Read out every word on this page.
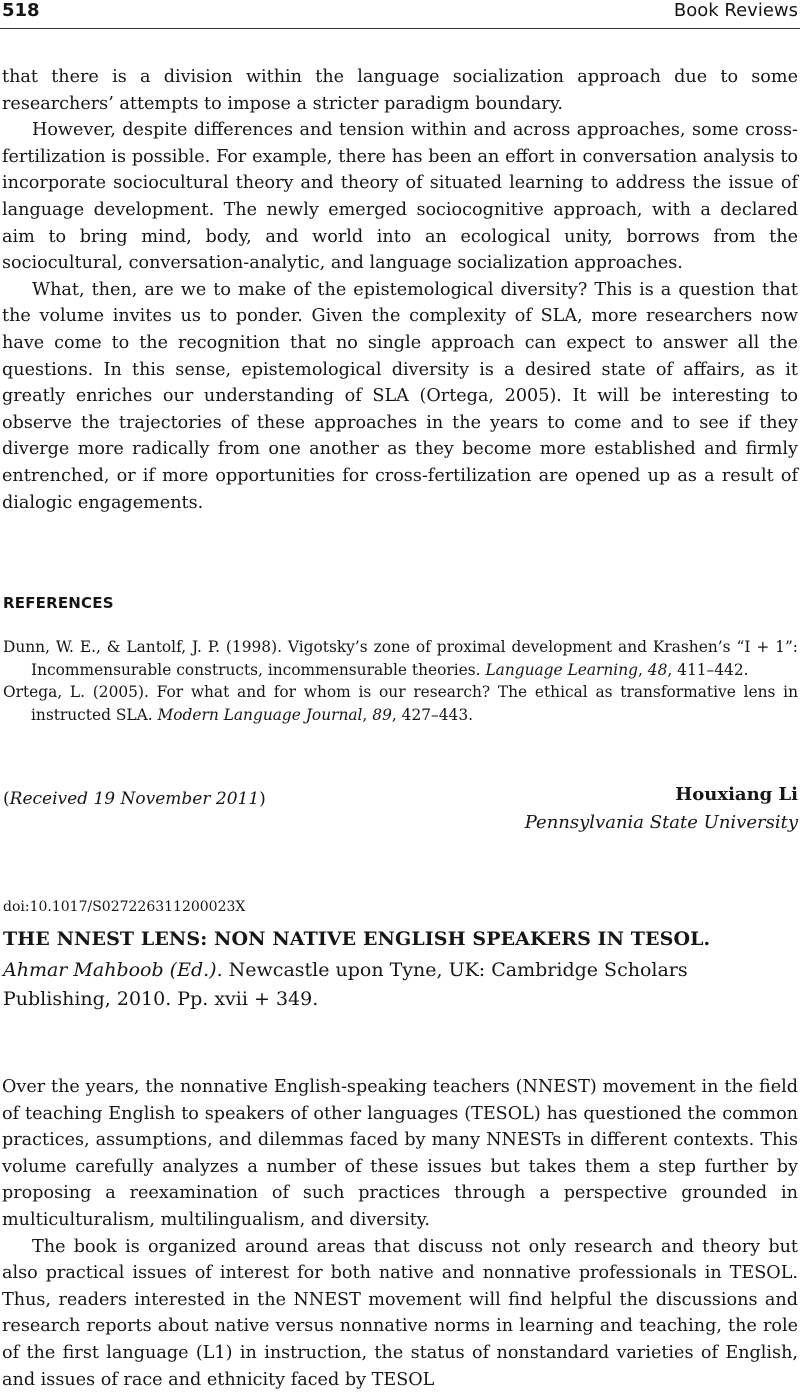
518	Book Reviews

that there is a division within the language socialization approach due to some researchers’ attempts to impose a stricter paradigm boundary.

However, despite differences and tension within and across approaches, some cross-fertilization is possible. For example, there has been an effort in conversation analysis to incorporate sociocultural theory and theory of situated learning to address the issue of language development. The newly emerged sociocognitive approach, with a declared aim to bring mind, body, and world into an ecological unity, borrows from the sociocultural, conversation-analytic, and language socialization approaches.

What, then, are we to make of the epistemological diversity? This is a question that the volume invites us to ponder. Given the complexity of SLA, more researchers now have come to the recognition that no single approach can expect to answer all the questions. In this sense, epistemological diversity is a desired state of affairs, as it greatly enriches our understanding of SLA (Ortega, 2005). It will be interesting to observe the trajectories of these approaches in the years to come and to see if they diverge more radically from one another as they become more established and firmly entrenched, or if more opportunities for cross-fertilization are opened up as a result of dialogic engagements.

REFERENCES

Dunn, W. E., & Lantolf, J. P. (1998). Vigotsky’s zone of proximal development and Krashen’s “I + 1”: Incommensurable constructs, incommensurable theories. Language Learning, 48, 411–442.

Ortega, L. (2005). For what and for whom is our research? The ethical as transformative lens in instructed SLA. Modern Language Journal, 89, 427–443.

(Received 19 November 2011)	Houxiang Li
Pennsylvania State University
doi:10.1017/S027226311200023X
THE NNEST LENS: NON NATIVE ENGLISH SPEAKERS IN TESOL.
Ahmar Mahboob (Ed.). Newcastle upon Tyne, UK: Cambridge Scholars Publishing, 2010. Pp. xvii + 349.

Over the years, the nonnative English-speaking teachers (NNEST) movement in the field of teaching English to speakers of other languages (TESOL) has questioned the common practices, assumptions, and dilemmas faced by many NNESTs in different contexts. This volume carefully analyzes a number of these issues but takes them a step further by proposing a reexamination of such practices through a perspective grounded in multiculturalism, multilingualism, and diversity.

The book is organized around areas that discuss not only research and theory but also practical issues of interest for both native and nonnative professionals in TESOL. Thus, readers interested in the NNEST movement will find helpful the discussions and research reports about native versus nonnative norms in learning and teaching, the role of the first language (L1) in instruction, the status of nonstandard varieties of English, and issues of race and ethnicity faced by TESOL
